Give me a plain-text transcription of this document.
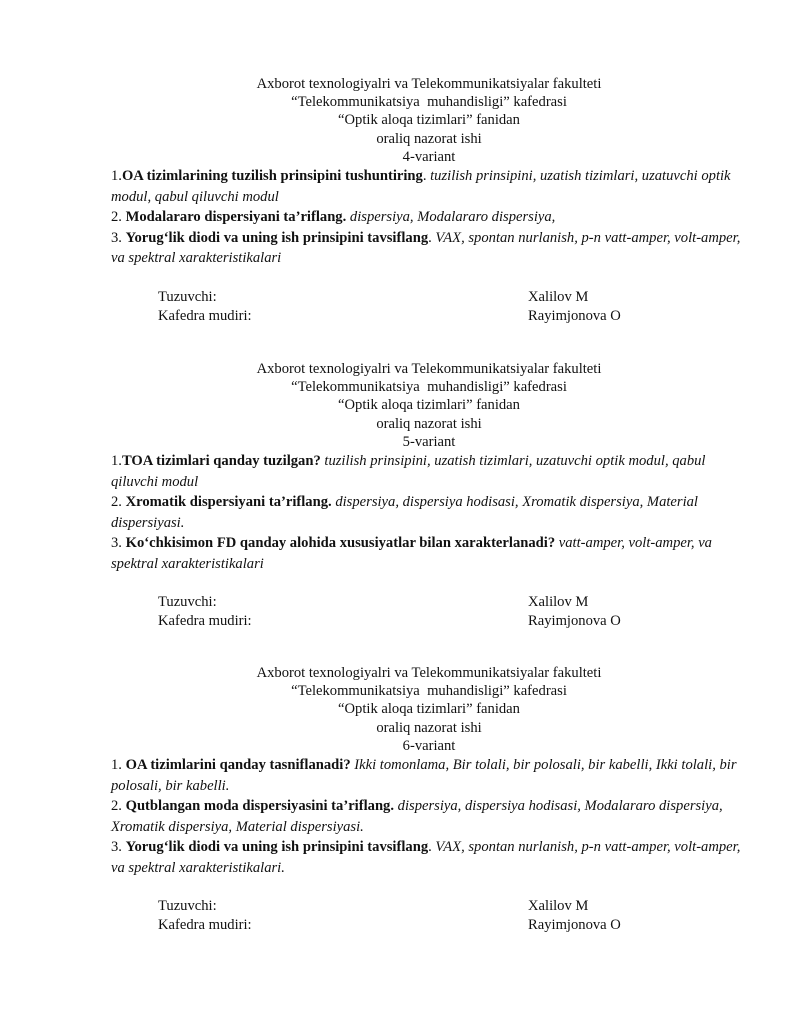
Axborot texnologiyalri va Telekommunikatsiyalar fakulteti
“Telekommunikatsiya  muhandisligi” kafedrasi
“Optik aloqa tizimlari” fanidan
oraliq nazorat ishi
4-variant

1.OA tizimlarining tuzilish prinsipini tushuntiring. tuzilish prinsipini, uzatish tizimlari, uzatuvchi optik modul, qabul qiluvchi modul

2. Modalararo dispersiyani ta’riflang. dispersiya, Modalararo dispersiya,

3. Yorug‘lik diodi va uning ish prinsipini tavsiflang. VAX, spontan nurlanish, p-n vatt-amper, volt-amper, va spektral xarakteristikalari

Tuzuvchi:	Xalilov M
Kafedra mudiri:	Rayimjonova O
Axborot texnologiyalri va Telekommunikatsiyalar fakulteti
“Telekommunikatsiya  muhandisligi” kafedrasi
“Optik aloqa tizimlari” fanidan
oraliq nazorat ishi
5-variant

1.TOA tizimlari qanday tuzilgan? tuzilish prinsipini, uzatish tizimlari, uzatuvchi optik modul, qabul qiluvchi modul

2. Xromatik dispersiyani ta’riflang. dispersiya, dispersiya hodisasi, Xromatik dispersiya, Material dispersiyasi.

3. Ko‘chkisimon FD qanday alohida xususiyatlar bilan xarakterlanadi? vatt-amper, volt-amper, va spektral xarakteristikalari

Tuzuvchi:	Xalilov M
Kafedra mudiri:	Rayimjonova O
Axborot texnologiyalri va Telekommunikatsiyalar fakulteti
“Telekommunikatsiya  muhandisligi” kafedrasi
“Optik aloqa tizimlari” fanidan
oraliq nazorat ishi
6-variant

1. OA tizimlarini qanday tasniflanadi? Ikki tomonlama, Bir tolali, bir polosali, bir kabelli, Ikki tolali, bir polosali, bir kabelli.

2. Qutblangan moda dispersiyasini ta’riflang. dispersiya, dispersiya hodisasi, Modalararo dispersiya, Xromatik dispersiya, Material dispersiyasi.

3. Yorug‘lik diodi va uning ish prinsipini tavsiflang. VAX, spontan nurlanish, p-n vatt-amper, volt-amper, va spektral xarakteristikalari.

Tuzuvchi:	Xalilov M
Kafedra mudiri:	Rayimjonova O
